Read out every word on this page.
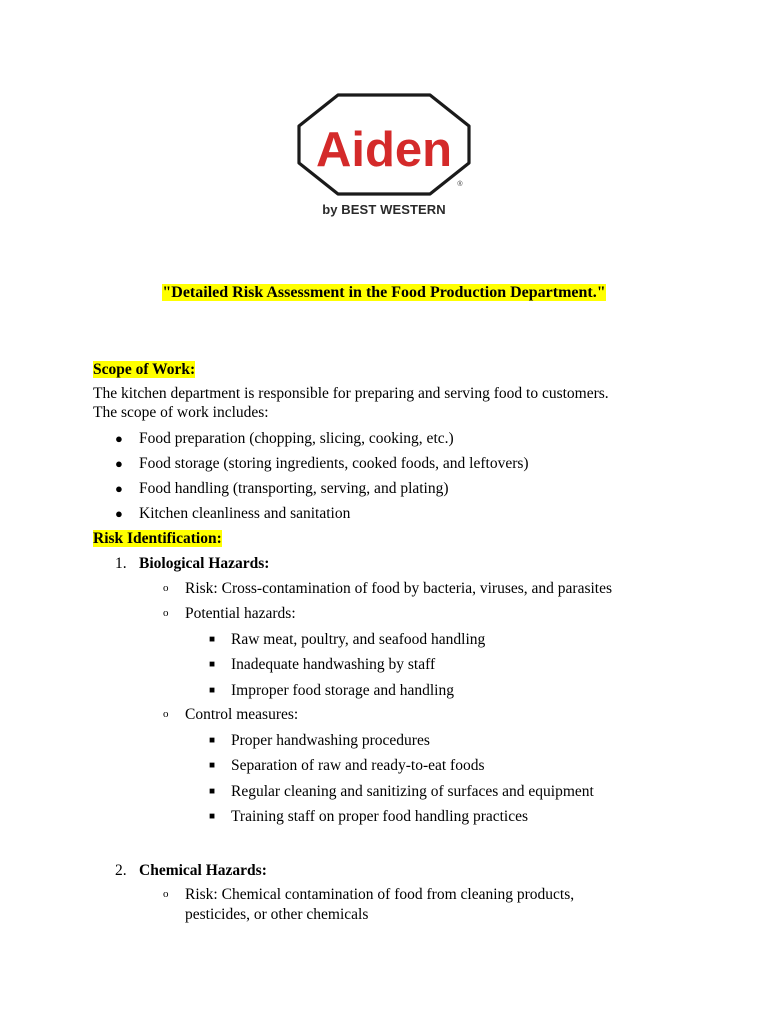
Aiden
®
by BEST WESTERN
"Detailed Risk Assessment in the Food Production Department."

Scope of Work:

The kitchen department is responsible for preparing and serving food to customers.
The scope of work includes:

● Food preparation (chopping, slicing, cooking, etc.)
● Food storage (storing ingredients, cooked foods, and leftovers)
● Food handling (transporting, serving, and plating)
● Kitchen cleanliness and sanitation

Risk Identification:

1. Biological Hazards:
o Risk: Cross-contamination of food by bacteria, viruses, and parasites
o Potential hazards:
■ Raw meat, poultry, and seafood handling
■ Inadequate handwashing by staff
■ Improper food storage and handling
o Control measures:
■ Proper handwashing procedures
■ Separation of raw and ready-to-eat foods
■ Regular cleaning and sanitizing of surfaces and equipment
■ Training staff on proper food handling practices
2. Chemical Hazards:
o Risk: Chemical contamination of food from cleaning products,
pesticides, or other chemicals
